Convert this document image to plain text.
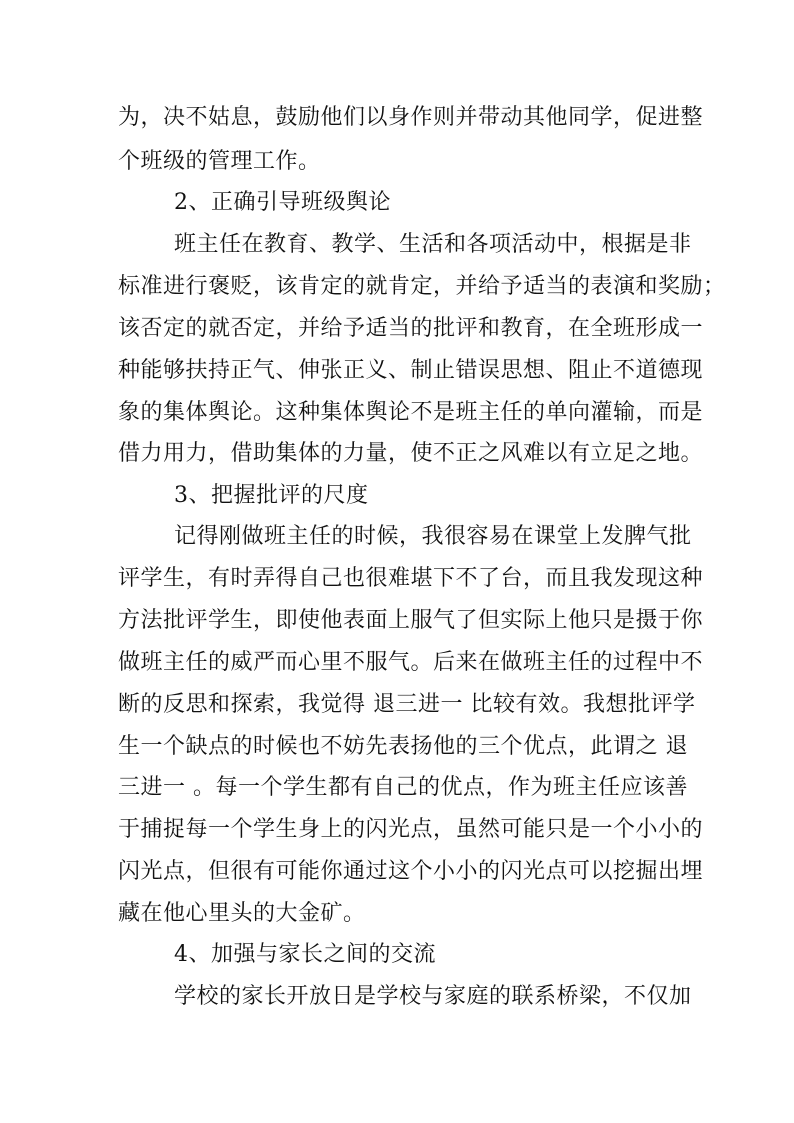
为，决不姑息，鼓励他们以身作则并带动其他同学，促进整
个班级的管理工作。
2、正确引导班级舆论
班主任在教育、教学、生活和各项活动中，根据是非
标准进行褒贬，该肯定的就肯定，并给予适当的表演和奖励；
该否定的就否定，并给予适当的批评和教育，在全班形成一
种能够扶持正气、伸张正义、制止错误思想、阻止不道德现
象的集体舆论。这种集体舆论不是班主任的单向灌输，而是
借力用力，借助集体的力量，使不正之风难以有立足之地。
3、把握批评的尺度
记得刚做班主任的时候，我很容易在课堂上发脾气批
评学生，有时弄得自己也很难堪下不了台，而且我发现这种
方法批评学生，即使他表面上服气了但实际上他只是摄于你
做班主任的威严而心里不服气。后来在做班主任的过程中不
断的反思和探索，我觉得 退三进一 比较有效。我想批评学
生一个缺点的时候也不妨先表扬他的三个优点，此谓之 退
三进一 。每一个学生都有自己的优点，作为班主任应该善
于捕捉每一个学生身上的闪光点，虽然可能只是一个小小的
闪光点，但很有可能你通过这个小小的闪光点可以挖掘出埋
藏在他心里头的大金矿。
4、加强与家长之间的交流
学校的家长开放日是学校与家庭的联系桥梁，不仅加
